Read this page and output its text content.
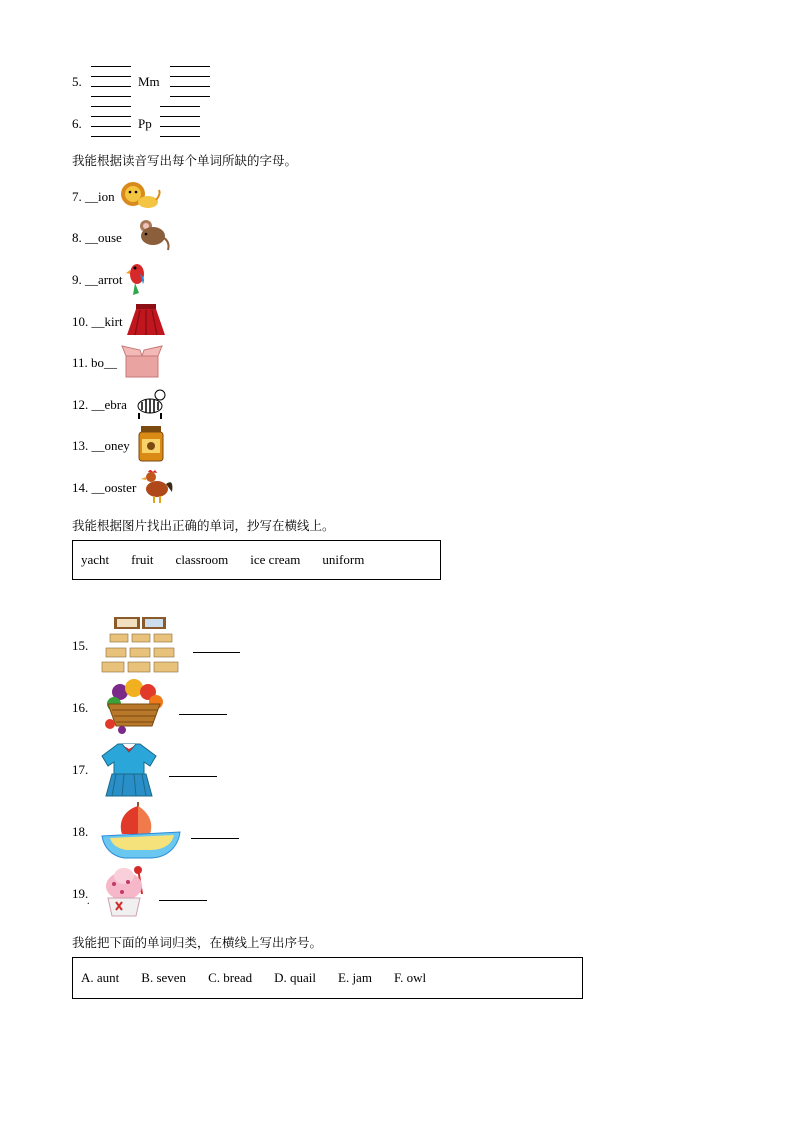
5.	Mm
6.	Pp
我能根据读音写出每个单词所缺的字母。
7. __ion
8. __ouse
9. __arrot
10. __kirt
11. bo__
12. __ebra
13. __oney
14. __ooster
我能根据图片找出正确的单词，抄写在横线上。
yacht fruit classroom ice cream uniform
15.
16.
17.
18.
19.
.
我能把下面的单词归类，在横线上写出序号。
A. aunt B. seven C. bread D. quail E. jam F. owl
